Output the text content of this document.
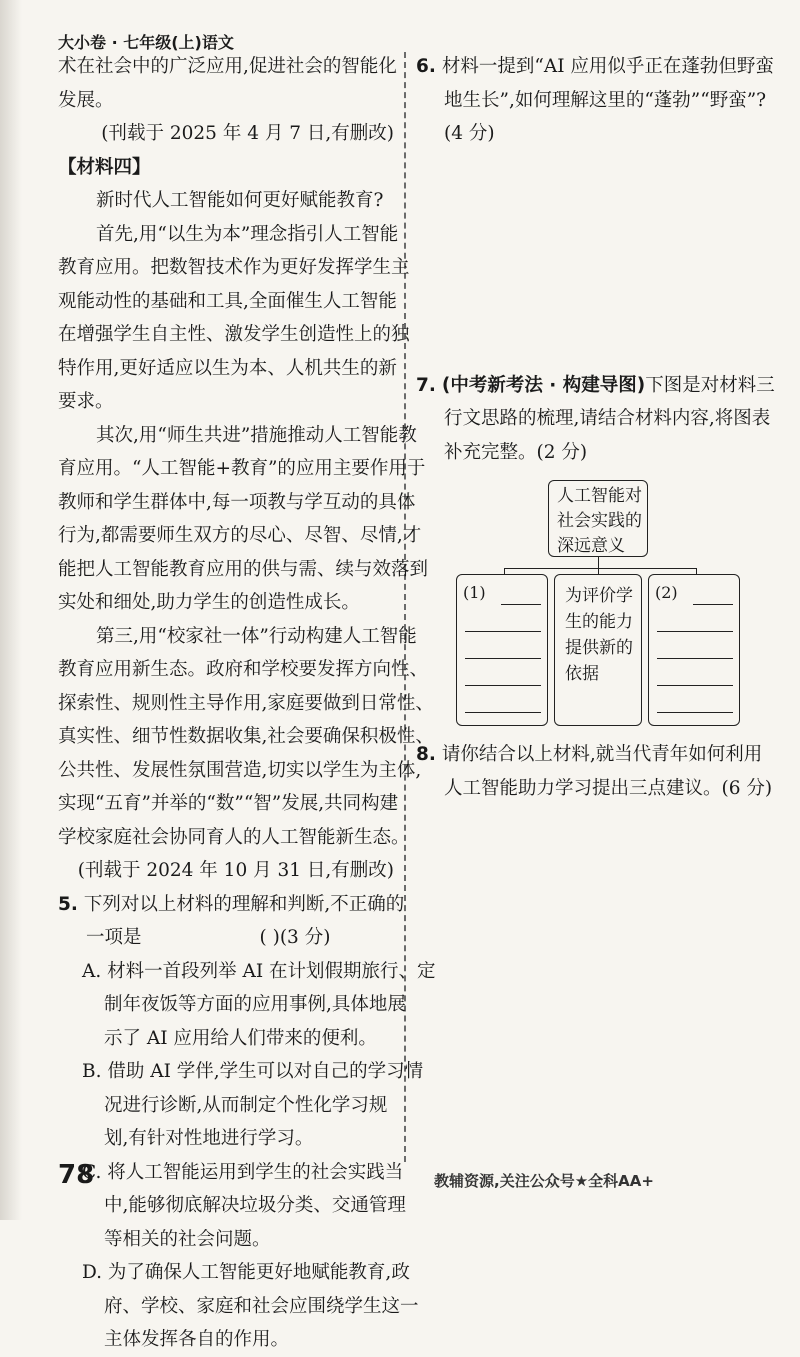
大小卷 · 七年级(上)语文
术在社会中的广泛应用,促进社会的智能化
发展。
(刊载于 2025 年 4 月 7 日,有删改)
【材料四】
新时代人工智能如何更好赋能教育?
首先,用“以生为本”理念指引人工智能
教育应用。把数智技术作为更好发挥学生主
观能动性的基础和工具,全面催生人工智能
在增强学生自主性、激发学生创造性上的独
特作用,更好适应以生为本、人机共生的新
要求。
其次,用“师生共进”措施推动人工智能教
育应用。“人工智能+教育”的应用主要作用于
教师和学生群体中,每一项教与学互动的具体
行为,都需要师生双方的尽心、尽智、尽情,才
能把人工智能教育应用的供与需、续与效落到
实处和细处,助力学生的创造性成长。
第三,用“校家社一体”行动构建人工智能
教育应用新生态。政府和学校要发挥方向性、
探索性、规则性主导作用,家庭要做到日常性、
真实性、细节性数据收集,社会要确保积极性、
公共性、发展性氛围营造,切实以学生为主体,
实现“五育”并举的“数”“智”发展,共同构建
学校家庭社会协同育人的人工智能新生态。
(刊载于 2024 年 10 月 31 日,有删改)
5. 下列对以上材料的理解和判断,不正确的
一项是	( )(3 分)
A. 材料一首段列举 AI 在计划假期旅行、定
制年夜饭等方面的应用事例,具体地展
示了 AI 应用给人们带来的便利。
B. 借助 AI 学伴,学生可以对自己的学习情
况进行诊断,从而制定个性化学习规
划,有针对性地进行学习。
C. 将人工智能运用到学生的社会实践当
中,能够彻底解决垃圾分类、交通管理
等相关的社会问题。
D. 为了确保人工智能更好地赋能教育,政
府、学校、家庭和社会应围绕学生这一
主体发挥各自的作用。
6. 材料一提到“AI 应用似乎正在蓬勃但野蛮
地生长”,如何理解这里的“蓬勃”“野蛮”?
(4 分)
7. (中考新考法 · 构建导图)下图是对材料三
行文思路的梳理,请结合材料内容,将图表
补充完整。(2 分)
人工智能对
社会实践的
深远意义
(1)	为评价学
生的能力
提供新的
依据
(2)
8. 请你结合以上材料,就当代青年如何利用
人工智能助力学习提出三点建议。(6 分)
78	教辅资源,关注公众号★全科AA+
